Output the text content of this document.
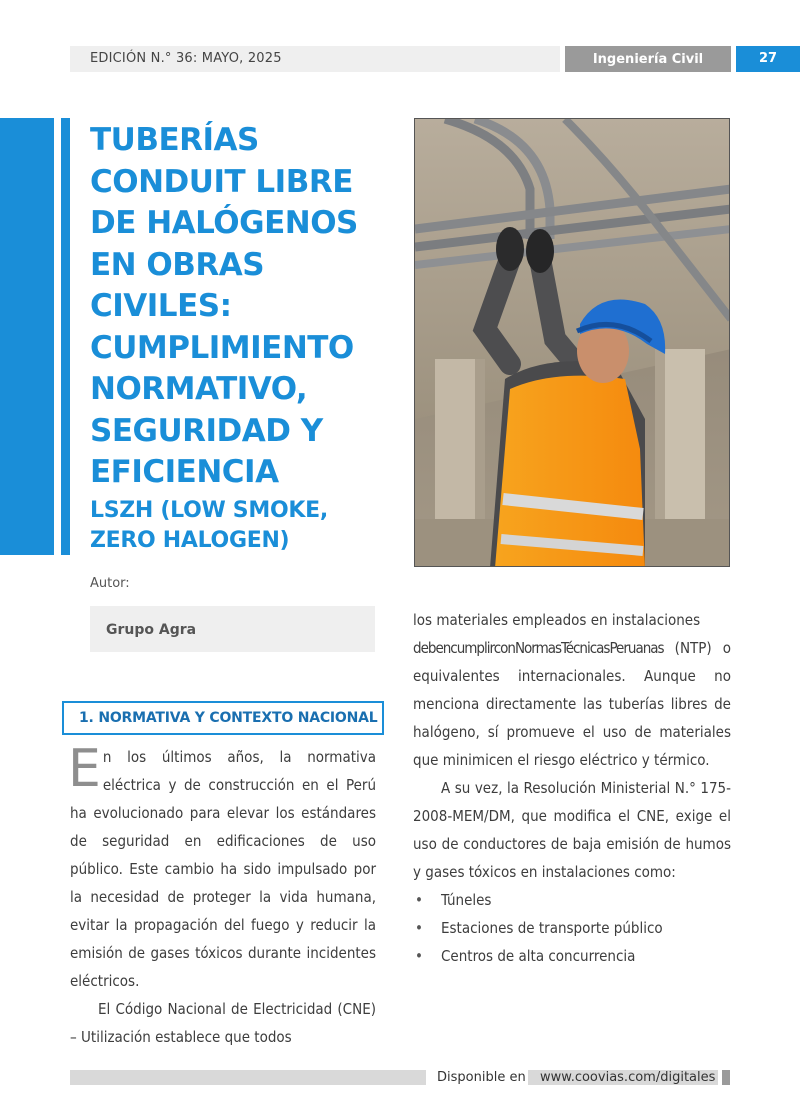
EDICIÓN N.° 36: MAYO, 2025	Ingeniería Civil	27
TUBERÍAS
CONDUIT LIBRE
DE HALÓGENOS
EN OBRAS
CIVILES:
CUMPLIMIENTO
NORMATIVO,
SEGURIDAD Y
EFICIENCIA
LSZH (LOW SMOKE,
ZERO HALOGEN)
Autor:
Grupo Agra
1. NORMATIVA Y CONTEXTO NACIONAL

En los últimos años, la normativa eléctrica y de construcción en el Perú ha evolucionado para elevar los estándares de seguridad en edificaciones de uso público. Este cambio ha sido impulsado por la necesidad de proteger la vida humana, evitar la propagación del fuego y reducir la emisión de gases tóxicos durante incidentes eléctricos.

El Código Nacional de Electricidad (CNE) – Utilización establece que todos

los materiales empleados en instalaciones
debencumplirconNormasTécnicasPeruanas (NTP) o equivalentes internacionales. Aunque no menciona directamente las tuberías libres de halógeno, sí promueve el uso de materiales que minimicen el riesgo eléctrico y térmico.

A su vez, la Resolución Ministerial N.° 175-2008-MEM/DM, que modifica el CNE, exige el uso de conductores de baja emisión de humos y gases tóxicos en instalaciones como:

• Túneles
• Estaciones de transporte público
• Centros de alta concurrencia
Disponible en www.coovias.com/digitales
